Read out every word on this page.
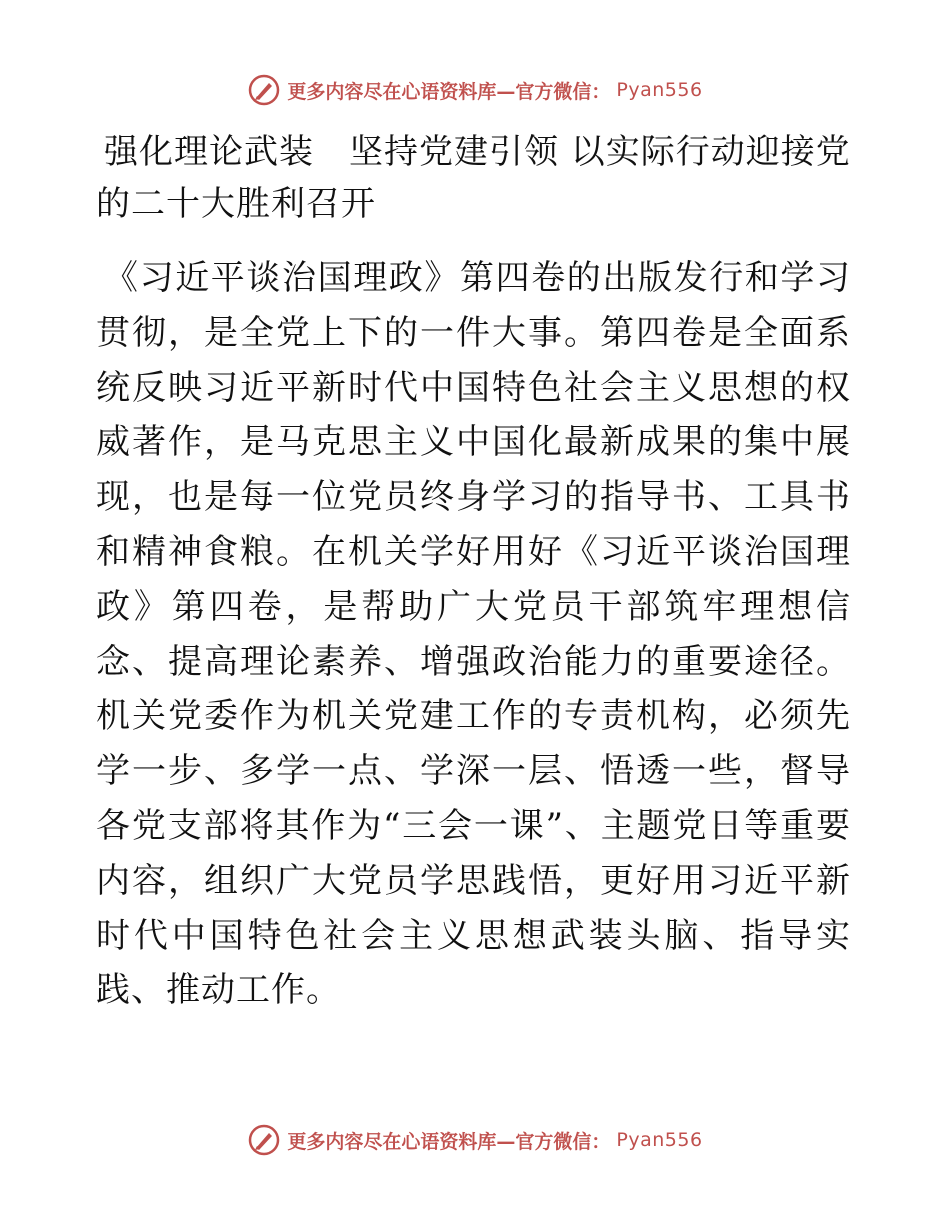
更多内容尽在心语资料库—官方微信： Pyan556
强化理论武装　坚持党建引领 以实际行动迎接党的二十大胜利召开

《习近平谈治国理政》第四卷的出版发行和学习贯彻，是全党上下的一件大事。第四卷是全面系统反映习近平新时代中国特色社会主义思想的权威著作，是马克思主义中国化最新成果的集中展现，也是每一位党员终身学习的指导书、工具书和精神食粮。在机关学好用好《习近平谈治国理政》第四卷，是帮助广大党员干部筑牢理想信念、提高理论素养、增强政治能力的重要途径。机关党委作为机关党建工作的专责机构，必须先学一步、多学一点、学深一层、悟透一些，督导各党支部将其作为“三会一课”、主题党日等重要内容，组织广大党员学思践悟，更好用习近平新时代中国特色社会主义思想武装头脑、指导实践、推动工作。

更多内容尽在心语资料库—官方微信： Pyan556
